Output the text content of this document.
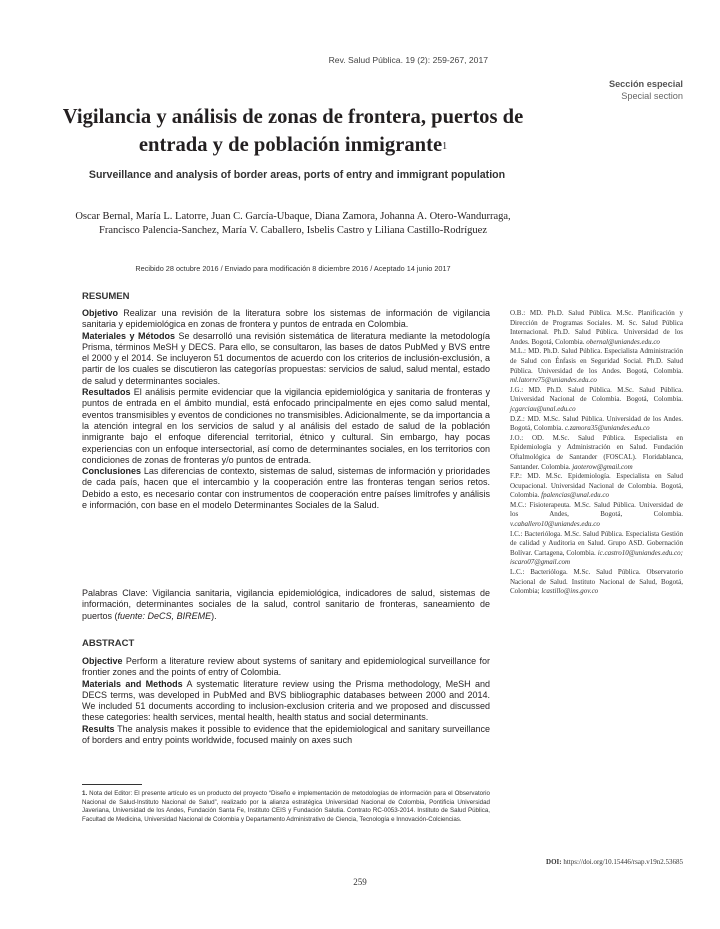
Rev. Salud Pública. 19 (2): 259-267, 2017
Sección especial
Special section
Vigilancia y análisis de zonas de frontera, puertos de entrada y de población inmigrante$^1$
Surveillance and analysis of border areas, ports of entry and immigrant population
Oscar Bernal, María L. Latorre, Juan C. García-Ubaque, Diana Zamora, Johanna A. Otero-Wandurraga, Francisco Palencia-Sanchez, María V. Caballero, Isbelis Castro y Liliana Castillo-Rodríguez
Recibido 28 octubre 2016 / Enviado para modificación 8 diciembre 2016 / Aceptado 14 junio 2017
RESUMEN

Objetivo Realizar una revisión de la literatura sobre los sistemas de información de vigilancia sanitaria y epidemiológica en zonas de frontera y puntos de entrada en Colombia.

Materiales y Métodos Se desarrolló una revisión sistemática de literatura mediante la metodología Prisma, términos MeSH y DECS. Para ello, se consultaron, las bases de datos PubMed y BVS entre el 2000 y el 2014. Se incluyeron 51 documentos de acuerdo con los criterios de inclusión-exclusión, a partir de los cuales se discutieron las categorías propuestas: servicios de salud, salud mental, estado de salud y determinantes sociales.

Resultados El análisis permite evidenciar que la vigilancia epidemiológica y sanitaria de fronteras y puntos de entrada en el ámbito mundial, está enfocado principalmente en ejes como salud mental, eventos transmisibles y eventos de condiciones no transmisibles. Adicionalmente, se da importancia a la atención integral en los servicios de salud y al análisis del estado de salud de la población inmigrante bajo el enfoque diferencial territorial, étnico y cultural. Sin embargo, hay pocas experiencias con un enfoque intersectorial, así como de determinantes sociales, en los territorios con condiciones de zonas de fronteras y/o puntos de entrada.

Conclusiones Las diferencias de contexto, sistemas de salud, sistemas de información y prioridades de cada país, hacen que el intercambio y la cooperación entre las fronteras tengan serios retos. Debido a esto, es necesario contar con instrumentos de cooperación entre países limítrofes y análisis e información, con base en el modelo Determinantes Sociales de la Salud.

Palabras Clave: Vigilancia sanitaria, vigilancia epidemiológica, indicadores de salud, sistemas de información, determinantes sociales de la salud, control sanitario de fronteras, saneamiento de puertos (fuente: DeCS, BIREME).
ABSTRACT

Objective Perform a literature review about systems of sanitary and epidemiological surveillance for frontier zones and the points of entry of Colombia.

Materials and Methods A systematic literature review using the Prisma methodology, MeSH and DECS terms, was developed in PubMed and BVS bibliographic databases between 2000 and 2014. We included 51 documents according to inclusion-exclusion criteria and we proposed and discussed these categories: health services, mental health, health status and social determinants.

Results The analysis makes it possible to evidence that the epidemiological and sanitary surveillance of borders and entry points worldwide, focused mainly on axes such

O.B.: MD. Ph.D. Salud Pública. M.Sc. Planificación y Dirección de Programas Sociales. M. Sc. Salud Pública Internacional. Ph.D. Salud Pública. Universidad de los Andes. Bogotá, Colombia. obernal@uniandes.edu.co

M.L.: MD. Ph.D. Salud Pública. Especialista Administración de Salud con Énfasis en Seguridad Social. Ph.D. Salud Pública. Universidad de los Andes. Bogotá, Colombia. ml.latorre75@uniandes.edu.co

J.G.: MD. Ph.D. Salud Pública. M.Sc. Salud Pública. Universidad Nacional de Colombia. Bogotá, Colombia. jcgarciau@unal.edu.co

D.Z.: MD. M.Sc. Salud Pública. Universidad de los Andes. Bogotá, Colombia. c.zamora35@uniandes.edu.co

J.O.: OD. M.Sc. Salud Pública. Especialista en Epidemiología y Administración en Salud. Fundación Oftalmológica de Santander (FOSCAL). Floridablanca, Santander. Colombia. jaoterow@gmail.com

F.P.: MD. M.Sc. Epidemiología. Especialista en Salud Ocupacional. Universidad Nacional de Colombia. Bogotá, Colombia. fpalencias@unal.edu.co

M.C.: Fisioterapeuta. M.Sc. Salud Pública. Universidad de los Andes, Bogotá, Colombia. v.caballero10@uniandes.edu.co

I.C.: Bacterióloga. M.Sc. Salud Pública. Especialista Gestión de calidad y Auditoria en Salud. Grupo ASD. Gobernación Bolívar. Cartagena, Colombia. ic.castro10@uniandes.edu.co; iscaro07@gmail.com

L.C.: Bacterióloga. M.Sc. Salud Pública. Observatorio Nacional de Salud. Instituto Nacional de Salud, Bogotá, Colombia; lcastillo@ins.gov.co

1. Nota del Editor: El presente artículo es un producto del proyecto “Diseño e implementación de metodologías de información para el Observatorio Nacional de Salud-Instituto Nacional de Salud”, realizado por la alianza estratégica Universidad Nacional de Colombia, Pontificia Universidad Javeriana, Universidad de los Andes, Fundación Santa Fe, Instituto CEIS y Fundación Salutia. Contrato RC-0053-2014. Instituto de Salud Pública, Facultad de Medicina, Universidad Nacional de Colombia y Departamento Administrativo de Ciencia, Tecnología e Innovación-Colciencias.
DOI: https://doi.org/10.15446/rsap.v19n2.53685
259
